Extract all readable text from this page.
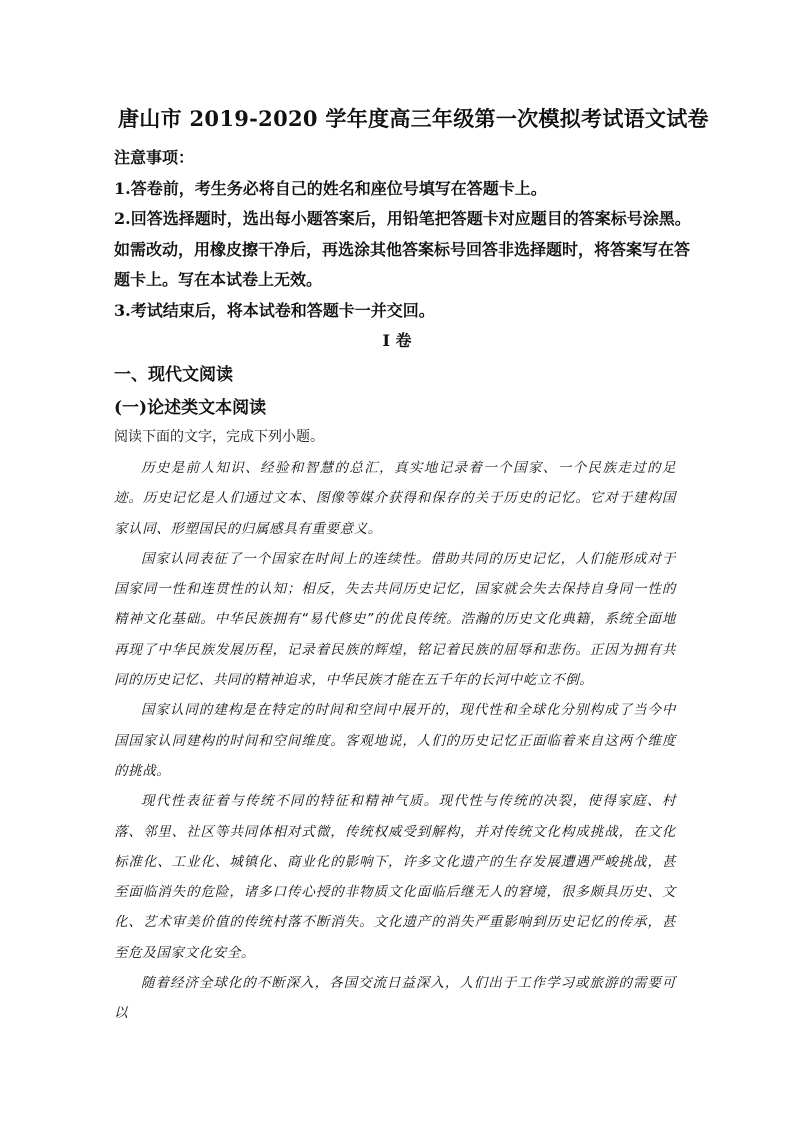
唐山市 2019-2020 学年度高三年级第一次模拟考试语文试卷

注意事项：

1.答卷前，考生务必将自己的姓名和座位号填写在答题卡上。

2.回答选择题时，选出每小题答案后，用铅笔把答题卡对应题目的答案标号涂黑。如需改动，用橡皮擦干净后，再选涂其他答案标号回答非选择题时，将答案写在答题卡上。写在本试卷上无效。

3.考试结束后，将本试卷和答题卡一并交回。

I 卷
一、现代文阅读
(一)论述类文本阅读
阅读下面的文字，完成下列小题。

历史是前人知识、经验和智慧的总汇，真实地记录着一个国家、一个民族走过的足迹。历史记忆是人们通过文本、图像等媒介获得和保存的关于历史的记忆。它对于建构国家认同、形塑国民的归属感具有重要意义。

国家认同表征了一个国家在时间上的连续性。借助共同的历史记忆，人们能形成对于国家同一性和连贯性的认知；相反，失去共同历史记忆，国家就会失去保持自身同一性的精神文化基础。中华民族拥有“易代修史”的优良传统。浩瀚的历史文化典籍，系统全面地再现了中华民族发展历程，记录着民族的辉煌，铭记着民族的屈辱和悲伤。正因为拥有共同的历史记忆、共同的精神追求，中华民族才能在五千年的长河中屹立不倒。

国家认同的建构是在特定的时间和空间中展开的，现代性和全球化分别构成了当今中国国家认同建构的时间和空间维度。客观地说，人们的历史记忆正面临着来自这两个维度的挑战。

现代性表征着与传统不同的特征和精神气质。现代性与传统的决裂，使得家庭、村落、邻里、社区等共同体相对式微，传统权威受到解构，并对传统文化构成挑战，在文化标准化、工业化、城镇化、商业化的影响下，许多文化遗产的生存发展遭遇严峻挑战，甚至面临消失的危险，诸多口传心授的非物质文化面临后继无人的窘境，很多颇具历史、文化、艺术审美价值的传统村落不断消失。文化遗产的消失严重影响到历史记忆的传承，甚至危及国家文化安全。

随着经济全球化的不断深入，各国交流日益深入，人们出于工作学习或旅游的需要可以
